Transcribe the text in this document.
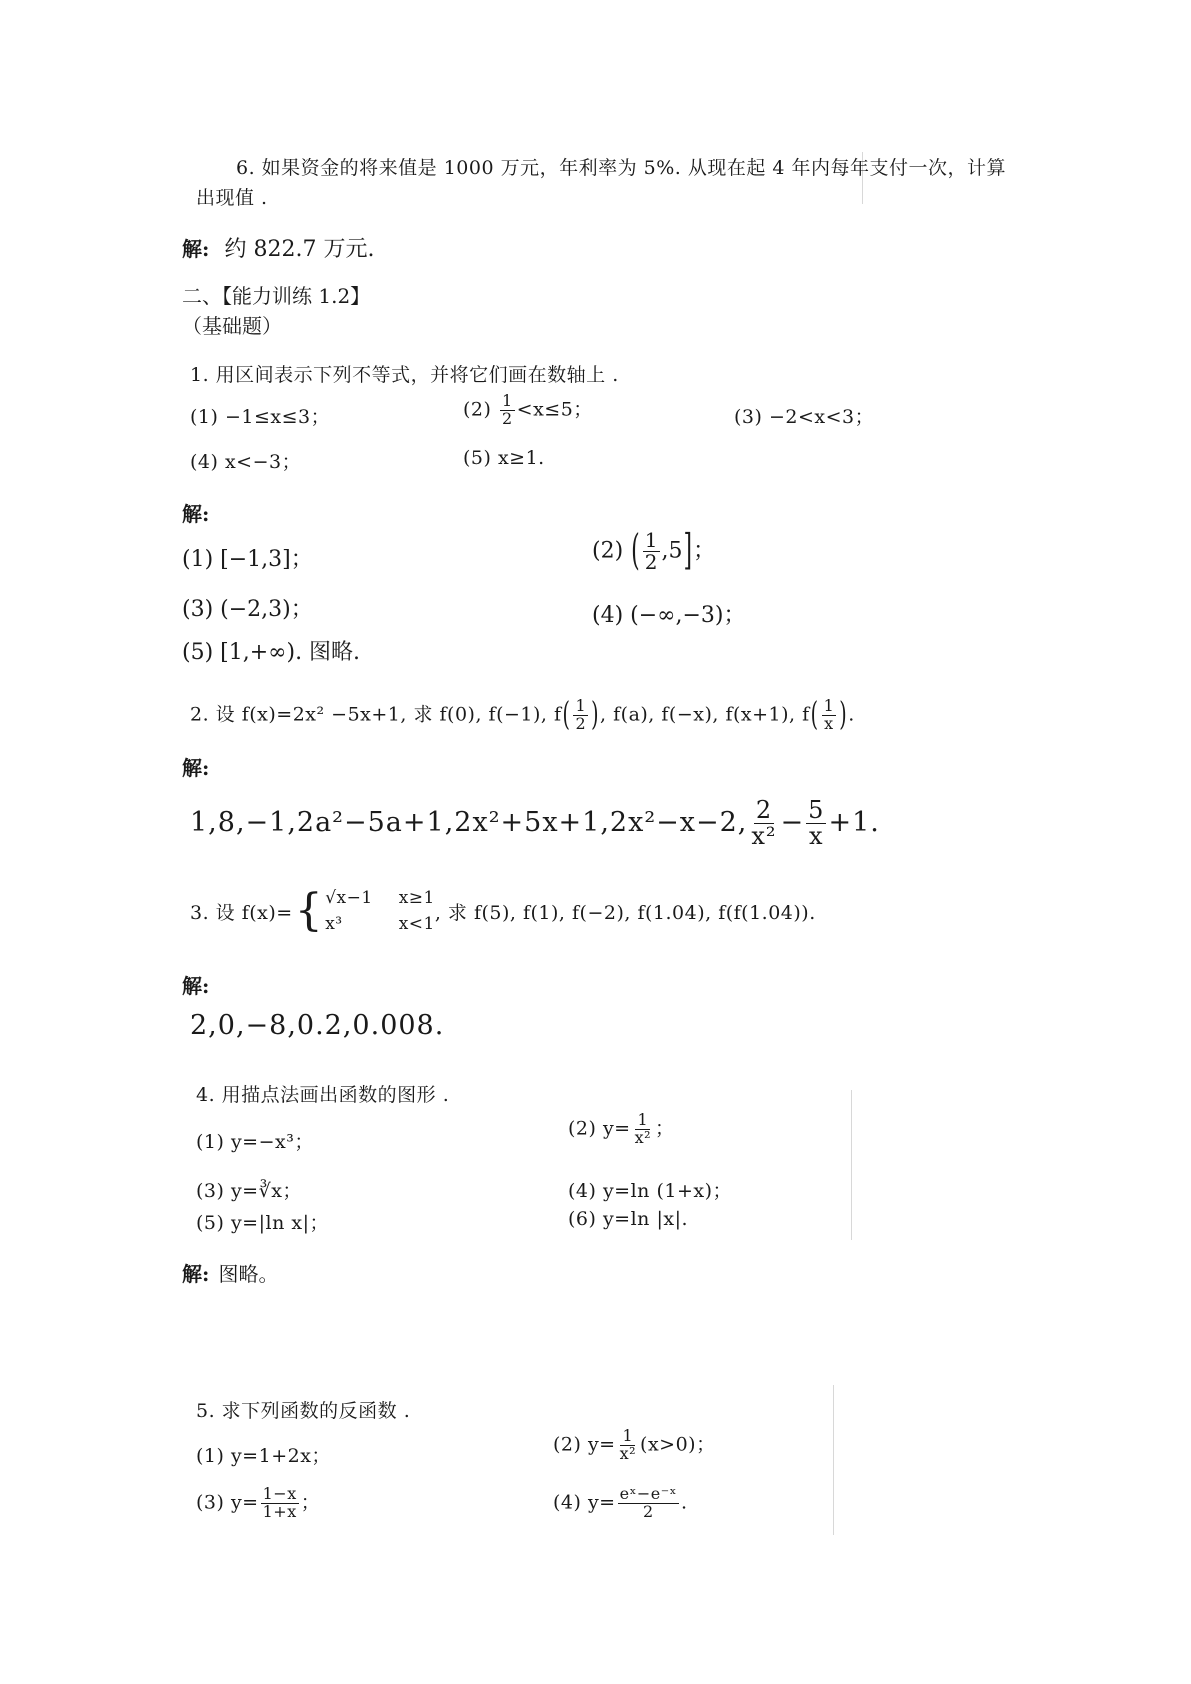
6. 如果资金的将来值是 1000 万元，年利率为 5%. 从现在起 4 年内每年支付一次，计算
出现值 .
解: 约 822.7 万元.
二、【能力训练 1.2】
（基础题）
1. 用区间表示下列不等式，并将它们画在数轴上 .
(1) −1≤x≤3；	$(2) \frac{1}{2} <x\le 5$；	(3) −2<x<3；
(4) x<−3；	(5) x≥1.
解:
(1) [−1,3]；	(2) ( $\frac{1}{2} ,5$]；
(3) (−2,3)；	(4) (−∞,−3)；
(5) [1,+∞). 图略.
2. 设 f(x)=2x² −5x+1, 求 f(0), f(−1), $f( \frac{1}{2}$ ), f(a), f(−x), f(x+1), $f( \frac{1}{x}$ ).
解:
1,8,−1,2a²−5a+1,2x²+5x+1,2x²−x−2, $\frac{2}{\text{x²}} - \frac{5}{x} +1$.
3. 设 f(x)= { √x−1 x≥1
x³	x<1
, 求 f(5), f(1), f(−2), f(1.04), f(f(1.04)).
解:
2,0,−8,0.2,0.008.
4. 用描点法画出函数的图形 .
(1) y=−x³；
(2) $y= \frac{1}{\text{x²}}$ ；
(3) y=∛x；	(4) y=ln (1+x)；
(5) y=|ln x|；	(6) y=ln |x|.
解: 图略。
5. 求下列函数的反函数 .
(1) y=1+2x；
(2) $y= \frac{1}{\text{x²}} (x>0)$；
(3) $y= \frac{1-x}{1+x}$ ；	(4) $y= \frac{\text{eˣ−e⁻ˣ}}{2}$ .
